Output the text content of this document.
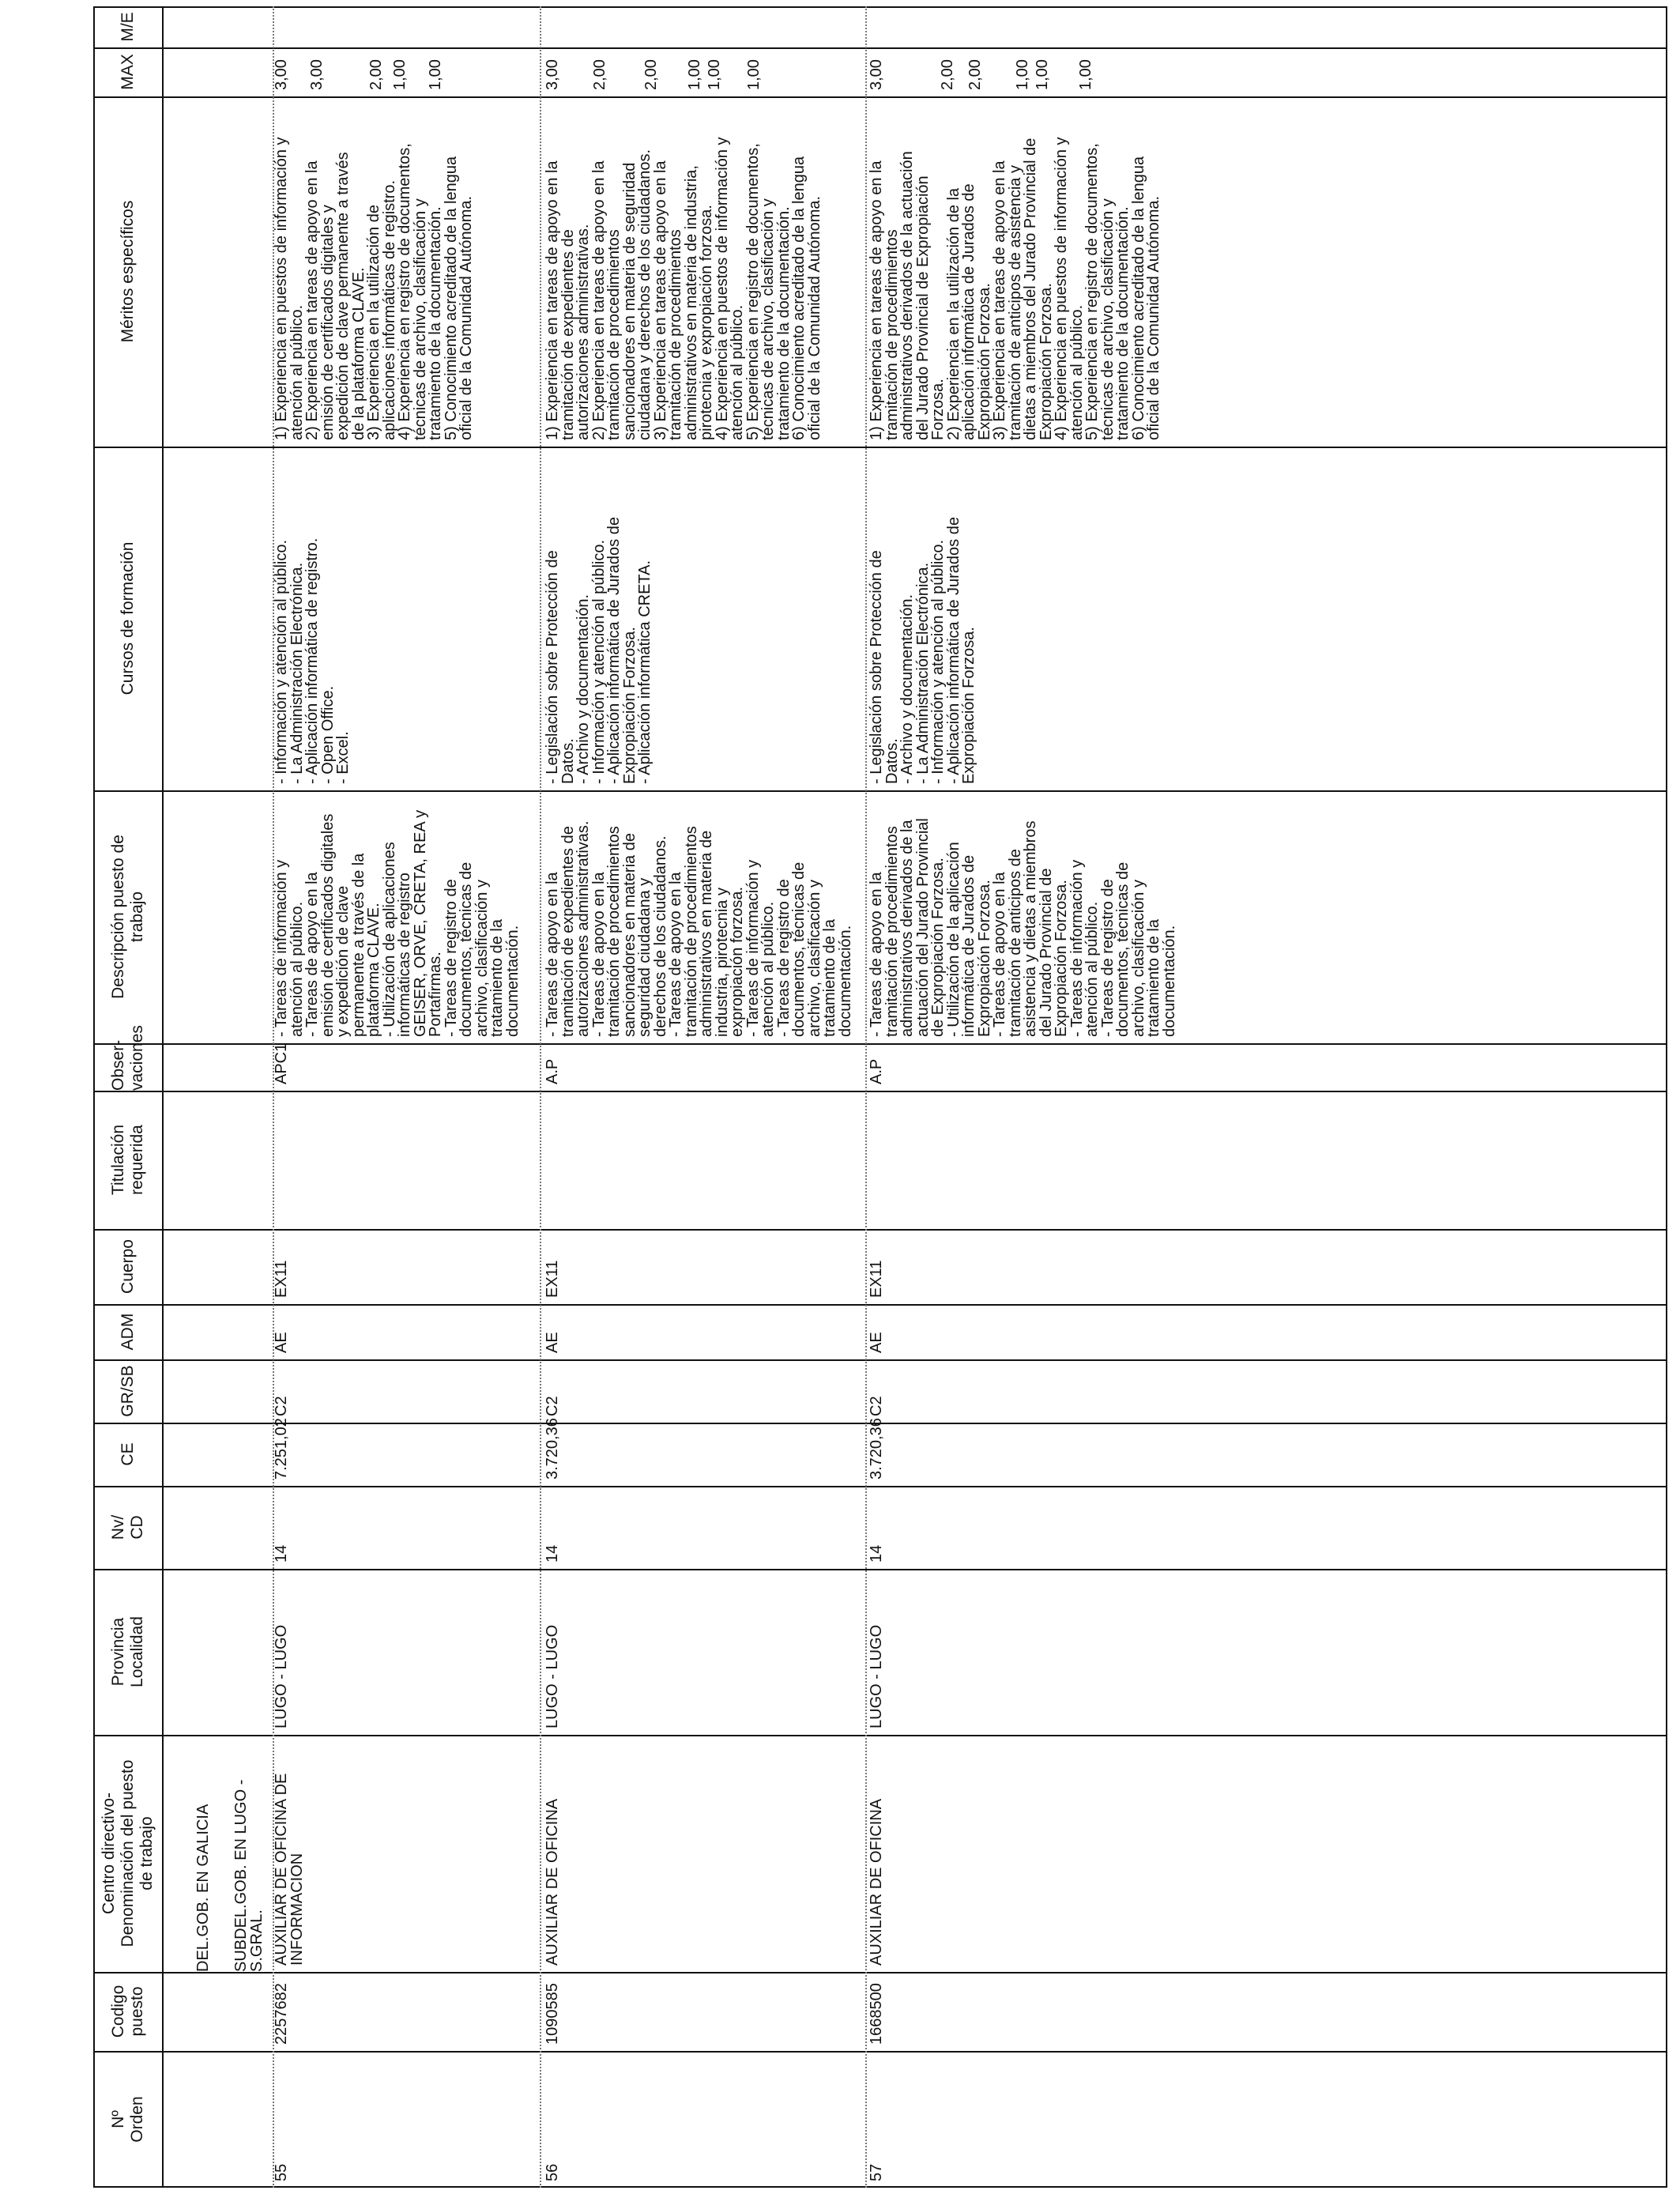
M/E
MAX
Méritos específicos
Cursos de formación
Descripción puesto de
trabajo
Obser-
vaciones
Titulación
requerida
Cuerpo
ADM
GR/SB
CE
Nv/
CD
Provincia
Localidad
Centro directivo-
Denominación del puesto
de trabajo
Codigo
puesto
Nº
Orden
DEL.GOB. EN GALICIA SUBDEL.GOB. EN LUGO -
S.GRAL.
55
2257682
AUXILIAR DE OFICINA DE
INFORMACION
LUGO - LUGO
14
7.251,02
C2
AE
EX11
APC1
- Tareas de información y
atención al público.
- Tareas de apoyo en la
emisión de certificados digitales
y expedición de clave
permanente a través de la
plataforma CLAVE.
- Utilización de aplicaciones
informáticas de registro
GEISER, ORVE, CRETA, REA y
Portafirmas.
- Tareas de registro de
documentos, técnicas de
archivo, clasificación y
tratamiento de la
documentación.
- Información y atención al público.
- La Administración Electrónica.
- Aplicación informática de registro.
- Open Office.
- Excel.
1) Experiencia en puestos de información y
atención al público.
2) Experiencia en tareas de apoyo en la
emisión de certificados digitales y
expedición de clave permanente a través
de la plataforma CLAVE.
3) Experiencia en la utilización de
aplicaciones informáticas de registro.
4) Experiencia en registro de documentos,
técnicas de archivo, clasificación y
tratamiento de la documentación.
5) Conocimiento acreditado de la lengua
oficial de la Comunidad Autónoma.
3,00 3,00	2,00 1,00 1,00
56
1090585
AUXILIAR DE OFICINA
LUGO - LUGO
14
3.720,36
C2
AE
EX11
A.P
- Tareas de apoyo en la
tramitación de expedientes de
autorizaciones administrativas.
- Tareas de apoyo en la
tramitación de procedimientos
sancionadores en materia de
seguridad ciudadana y
derechos de los ciudadanos.
- Tareas de apoyo en la
tramitación de procedimientos
administrativos en materia de
industria, pirotecnia y
expropiación forzosa.
- Tareas de información y
atención al público.
- Tareas de registro de
documentos, técnicas de
archivo, clasificación y
tratamiento de la
documentación.
- Legislación sobre Protección de
Datos.
- Archivo y documentación.
- Información y atención al público.
- Aplicación informática de Jurados de
Expropiación Forzosa.
- Aplicación informática CRETA.
1) Experiencia en tareas de apoyo en la
tramitación de expedientes de
autorizaciones administrativas.
2) Experiencia en tareas de apoyo en la
tramitación de procedimientos
sancionadores en materia de seguridad
ciudadana y derechos de los ciudadanos.
3) Experiencia en tareas de apoyo en la
tramitación de procedimientos
administrativos en materia de industria,
pirotecnia y expropiación forzosa.
4) Experiencia en puestos de información y
atención al público.
5) Experiencia en registro de documentos,
técnicas de archivo, clasificación y
tratamiento de la documentación.
6) Conocimiento acreditado de la lengua
oficial de la Comunidad Autónoma.
3,00 2,00 2,00 1,00 1,00 1,00
57
1668500
AUXILIAR DE OFICINA
LUGO - LUGO
14
3.720,36
C2
AE
EX11
A.P
- Tareas de apoyo en la
tramitación de procedimientos
administrativos derivados de la
actuación del Jurado Provincial
de Expropiación Forzosa.
- Utilización de la aplicación
informática de Jurados de
Expropiación Forzosa.
- Tareas de apoyo en la
tramitación de anticipos de
asistencia y dietas a miembros
del Jurado Provincial de
Expropiación Forzosa.
- Tareas de información y
atención al público.
- Tareas de registro de
documentos, técnicas de
archivo, clasificación y
tratamiento de la
documentación.
- Legislación sobre Protección de
Datos.
- Archivo y documentación.
- La Administración Electrónica.
- Información y atención al público.
- Aplicación informática de Jurados de
Expropiación Forzosa.
1) Experiencia en tareas de apoyo en la
tramitación de procedimientos
administrativos derivados de la actuación
del Jurado Provincial de Expropiación
Forzosa.
2) Experiencia en la utilización de la
aplicación informática de Jurados de
Expropiación Forzosa.
3) Experiencia en tareas de apoyo en la
tramitación de anticipos de asistencia y
dietas a miembros del Jurado Provincial de
Expropiación Forzosa.
4) Experiencia en puestos de información y
atención al público.
5) Experiencia en registro de documentos,
técnicas de archivo, clasificación y
tratamiento de la documentación.
6) Conocimiento acreditado de la lengua
oficial de la Comunidad Autónoma.
3,00	2,00 2,00 1,00 1,00 1,00
